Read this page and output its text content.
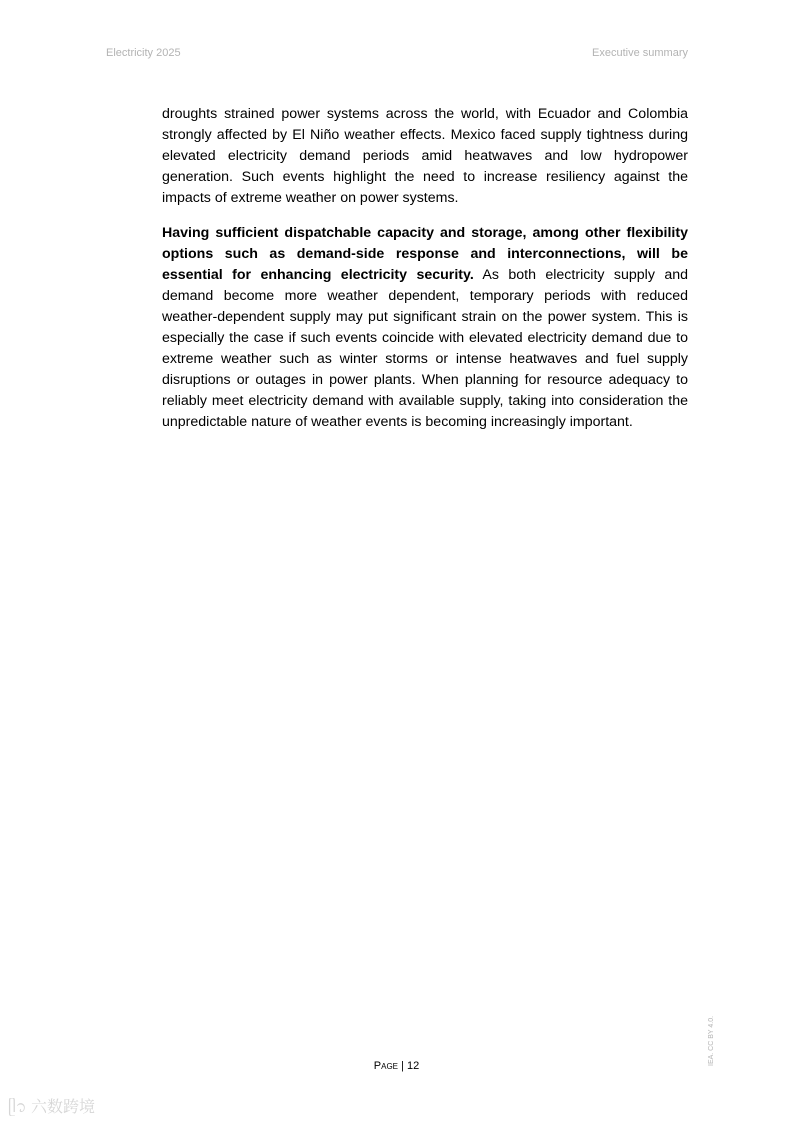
Electricity 2025	Executive summary

droughts strained power systems across the world, with Ecuador and Colombia strongly affected by El Niño weather effects. Mexico faced supply tightness during elevated electricity demand periods amid heatwaves and low hydropower generation. Such events highlight the need to increase resiliency against the impacts of extreme weather on power systems.

Having sufficient dispatchable capacity and storage, among other flexibility options such as demand-side response and interconnections, will be essential for enhancing electricity security. As both electricity supply and demand become more weather dependent, temporary periods with reduced weather-dependent supply may put significant strain on the power system. This is especially the case if such events coincide with elevated electricity demand due to extreme weather such as winter storms or intense heatwaves and fuel supply disruptions or outages in power plants. When planning for resource adequacy to reliably meet electricity demand with available supply, taking into consideration the unpredictable nature of weather events is becoming increasingly important.

Page | 12	IEA. CC BY 4.0.
ᥫ᭡ 六数跨境
